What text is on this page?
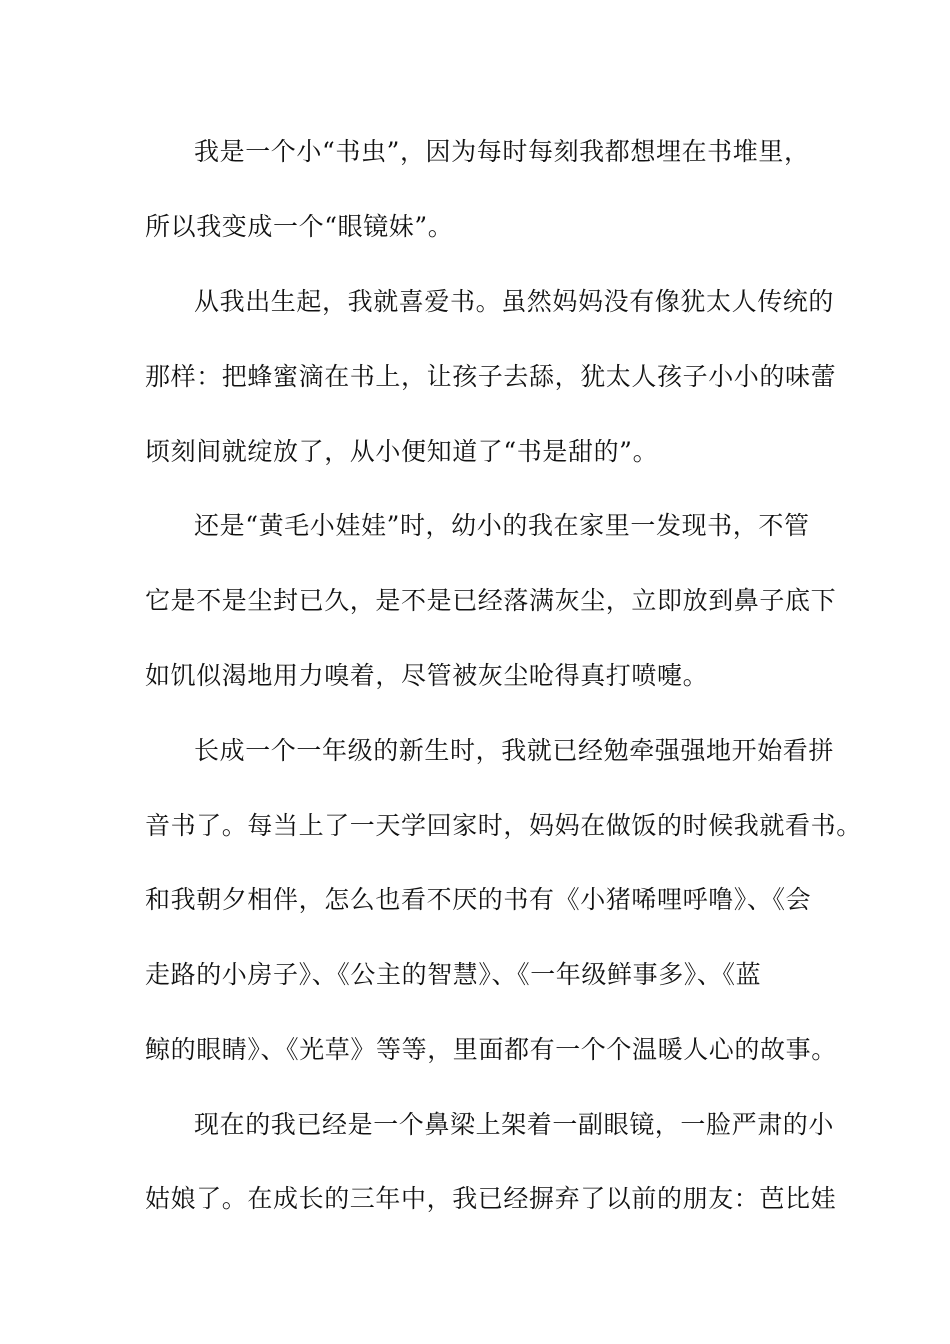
我是一个小“书虫”，因为每时每刻我都想埋在书堆里，
所以我变成一个“眼镜妹”。
从我出生起，我就喜爱书。虽然妈妈没有像犹太人传统的
那样：把蜂蜜滴在书上，让孩子去舔，犹太人孩子小小的味蕾
顷刻间就绽放了，从小便知道了“书是甜的”。
还是“黄毛小娃娃”时，幼小的我在家里一发现书，不管
它是不是尘封已久，是不是已经落满灰尘，立即放到鼻子底下
如饥似渴地用力嗅着，尽管被灰尘呛得真打喷嚏。
长成一个一年级的新生时，我就已经勉牵强强地开始看拼
音书了。每当上了一天学回家时，妈妈在做饭的时候我就看书。
和我朝夕相伴，怎么也看不厌的书有《小猪唏哩呼噜》、《会
走路的小房子》、《公主的智慧》、《一年级鲜事多》、《蓝
鲸的眼睛》、《光草》等等，里面都有一个个温暖人心的故事。
现在的我已经是一个鼻梁上架着一副眼镜，一脸严肃的小
姑娘了。在成长的三年中，我已经摒弃了以前的朋友：芭比娃
